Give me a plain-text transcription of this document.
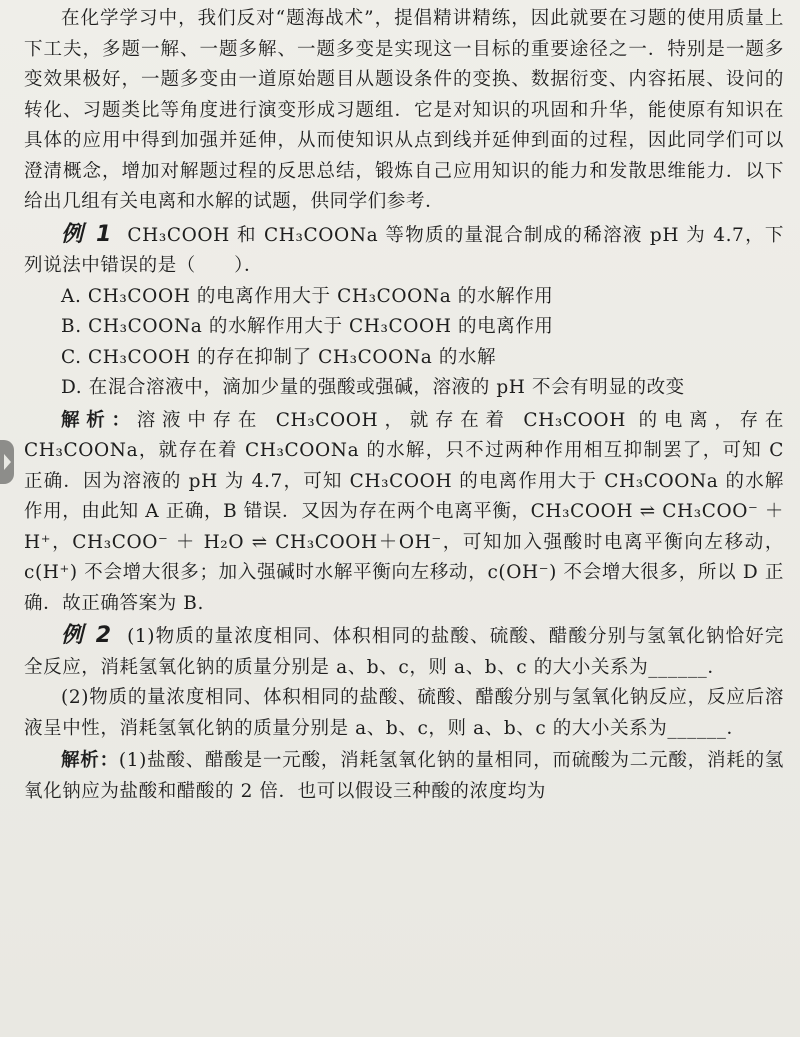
在化学学习中，我们反对“题海战术”，提倡精讲精练，因此就要在习题的使用质量上下工夫，多题一解、一题多解、一题多变是实现这一目标的重要途径之一．特别是一题多变效果极好，一题多变由一道原始题目从题设条件的变换、数据衍变、内容拓展、设问的转化、习题类比等角度进行演变形成习题组．它是对知识的巩固和升华，能使原有知识在具体的应用中得到加强并延伸，从而使知识从点到线并延伸到面的过程，因此同学们可以澄清概念，增加对解题过程的反思总结，锻炼自己应用知识的能力和发散思维能力．以下给出几组有关电离和水解的试题，供同学们参考．

例 1 CH₃COOH 和 CH₃COONa 等物质的量混合制成的稀溶液 pH 为 4.7，下列说法中错误的是（　　）．

A. CH₃COOH 的电离作用大于 CH₃COONa 的水解作用

B. CH₃COONa 的水解作用大于 CH₃COOH 的电离作用

C. CH₃COOH 的存在抑制了 CH₃COONa 的水解

D. 在混合溶液中，滴加少量的强酸或强碱，溶液的 pH 不会有明显的改变

解析：溶液中存在 CH₃COOH，就存在着 CH₃COOH 的电离，存在 CH₃COONa，就存在着 CH₃COONa 的水解，只不过两种作用相互抑制罢了，可知 C 正确．因为溶液的 pH 为 4.7，可知 CH₃COOH 的电离作用大于 CH₃COONa 的水解作用，由此知 A 正确，B 错误．又因为存在两个电离平衡，CH₃COOH ⇌ CH₃COO⁻ ＋ H⁺，CH₃COO⁻ ＋ H₂O ⇌ CH₃COOH＋OH⁻，可知加入强酸时电离平衡向左移动，c(H⁺) 不会增大很多；加入强碱时水解平衡向左移动，c(OH⁻) 不会增大很多，所以 D 正确．故正确答案为 B.

例 2 (1)物质的量浓度相同、体积相同的盐酸、硫酸、醋酸分别与氢氧化钠恰好完全反应，消耗氢氧化钠的质量分别是 a、b、c，则 a、b、c 的大小关系为______．

(2)物质的量浓度相同、体积相同的盐酸、硫酸、醋酸分别与氢氧化钠反应，反应后溶液呈中性，消耗氢氧化钠的质量分别是 a、b、c，则 a、b、c 的大小关系为______．

解析：(1)盐酸、醋酸是一元酸，消耗氢氧化钠的量相同，而硫酸为二元酸，消耗的氢氧化钠应为盐酸和醋酸的 2 倍．也可以假设三种酸的浓度均为
